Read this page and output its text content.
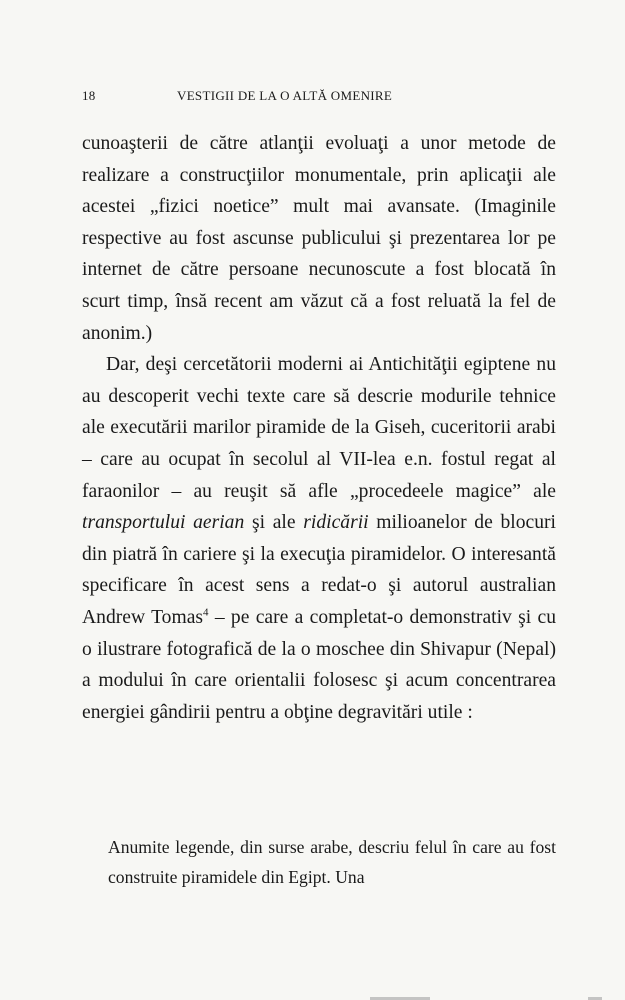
18	VESTIGII DE LA O ALTĂ OMENIRE

cunoaşterii de către atlanţii evoluaţi a unor metode de realizare a construcţiilor monumentale, prin aplicaţii ale acestei „fizici noetice” mult mai avansate. (Imaginile respective au fost ascunse publicului şi prezentarea lor pe internet de către persoane necunoscute a fost blocată în scurt timp, însă recent am văzut că a fost reluată la fel de anonim.)

Dar, deşi cercetătorii moderni ai Antichităţii egiptene nu au descoperit vechi texte care să descrie modurile tehnice ale executării marilor piramide de la Giseh, cuceritorii arabi – care au ocupat în secolul al VII-lea e.n. fostul regat al faraonilor – au reuşit să afle „procedeele magice” ale transportului aerian şi ale ridicării milioanelor de blocuri din piatră în cariere şi la execuţia piramidelor. O interesantă specificare în acest sens a redat-o şi autorul australian Andrew Tomas$^4$ – pe care a completat-o demonstrativ şi cu o ilustrare fotografică de la o moschee din Shivapur (Nepal) a modului în care orientalii folosesc şi acum concentrarea energiei gândirii pentru a obţine degravitări utile :

Anumite legende, din surse arabe, descriu felul în care au fost construite piramidele din Egipt. Una
